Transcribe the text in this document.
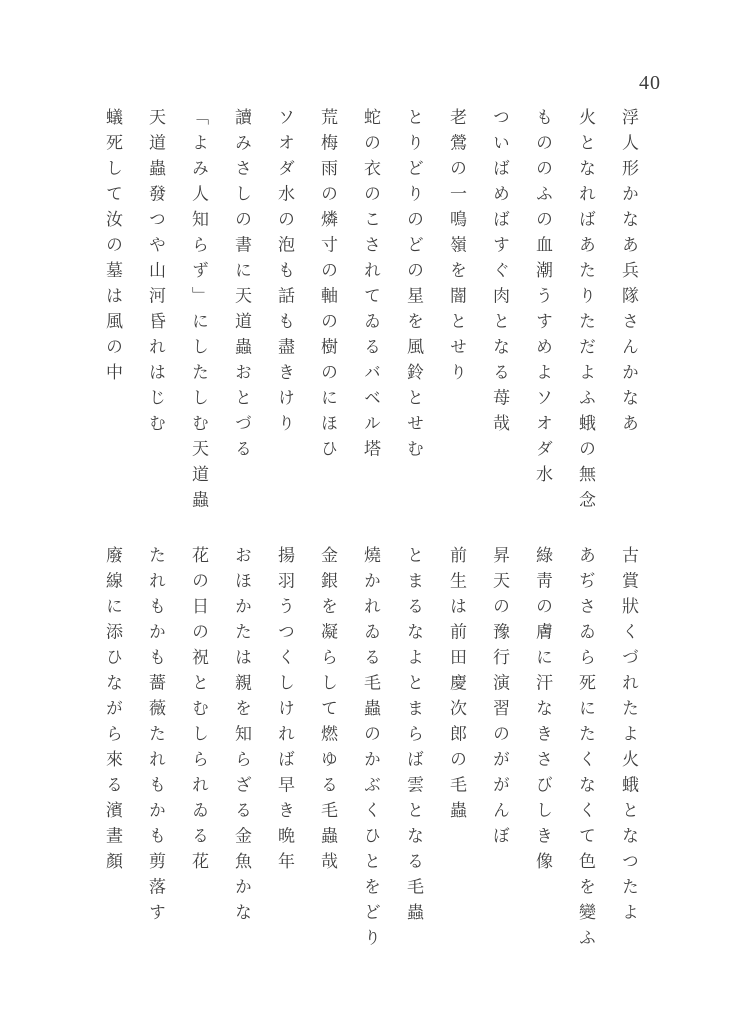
40
浮人形かなあ兵隊さんかなあ
火となればあたりただよふ蛾の無念
もののふの血潮うすめよソオダ水
ついばめばすぐ肉となる苺哉
老鶯の一鳴嶺を闇とせり
とりどりのどの星を風鈴とせむ
蛇の衣のこされてゐるバベル塔
荒梅雨の燐寸の軸の樹のにほひ
ソオダ水の泡も話も盡きけり
讀みさしの書に天道蟲おとづる
「よみ人知らず」にしたしむ天道蟲
天道蟲發つや山河昏れはじむ
蟻死して汝の墓は風の中
古賞狀くづれたよ火蛾となつたよ
あぢさゐら死にたくなくて色を變ふ
綠靑の膚に汗なきさびしき像
昇天の豫行演習のががんぼ
前生は前田慶次郎の毛蟲
とまるなよとまらば雲となる毛蟲
燒かれゐる毛蟲のかぶくひとをどり
金銀を凝らして燃ゆる毛蟲哉
揚羽うつくしければ早き晩年
おほかたは親を知らざる金魚かな
花の日の祝とむしられゐる花
たれもかも薔薇たれもかも剪落す
廢線に添ひながら來る濱晝顏
